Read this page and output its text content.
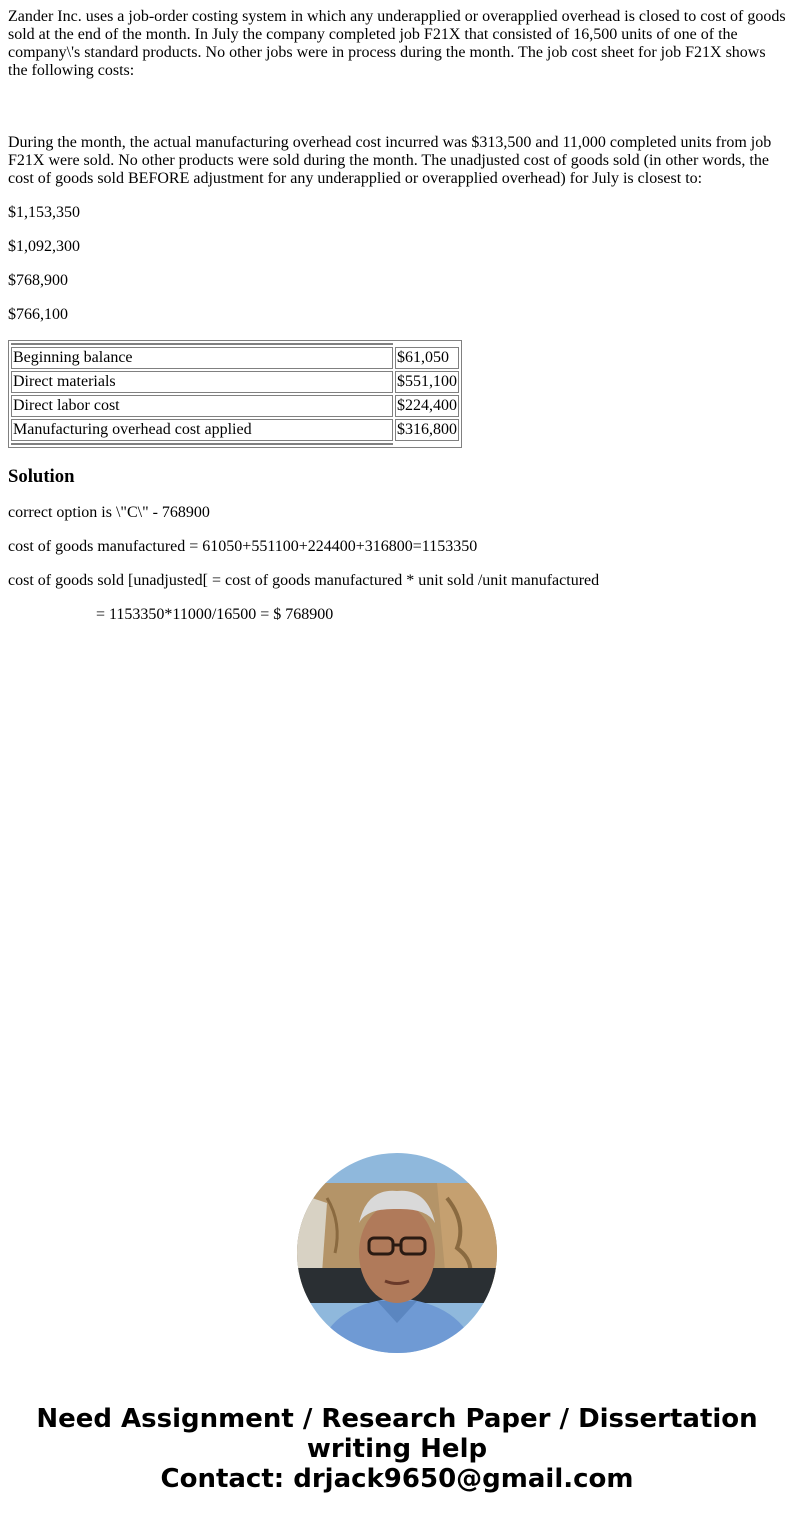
Zander Inc. uses a job-order costing system in which any underapplied or overapplied overhead is closed to cost of goods sold at the end of the month. In July the company completed job F21X that consisted of 16,500 units of one of the company\'s standard products. No other jobs were in process during the month. The job cost sheet for job F21X shows the following costs:

During the month, the actual manufacturing overhead cost incurred was $313,500 and 11,000 completed units from job F21X were sold. No other products were sold during the month. The unadjusted cost of goods sold (in other words, the cost of goods sold BEFORE adjustment for any underapplied or overapplied overhead) for July is closest to:

$1,153,350

$1,092,300

$768,900

$766,100

Beginning balance	$61,050
Direct materials	$551,100
Direct labor cost	$224,400
Manufacturing overhead cost applied	$316,800

Solution

correct option is \"C\" - 768900

cost of goods manufactured = 61050+551100+224400+316800=1153350

cost of goods sold [unadjusted[ = cost of goods manufactured * unit sold /unit manufactured

= 1153350*11000/16500 = $ 768900

Need Assignment / Research Paper / Dissertation
writing Help
Contact: drjack9650@gmail.com
